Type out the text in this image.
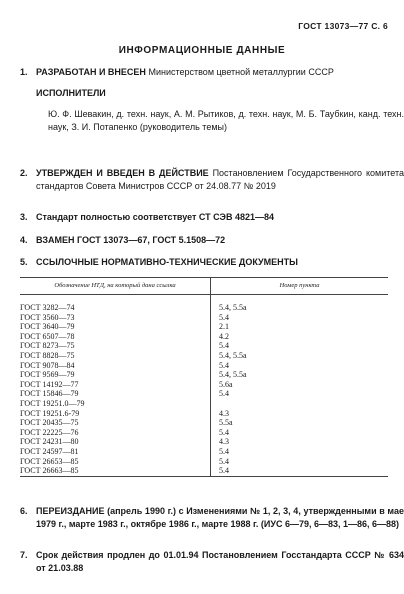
ГОСТ 13073—77 С. 6
ИНФОРМАЦИОННЫЕ ДАННЫЕ
1. РАЗРАБОТАН И ВНЕСЕН Министерством цветной металлургии СССР
ИСПОЛНИТЕЛИ
Ю. Ф. Шевакин, д. техн. наук, А. М. Рытиков, д. техн. наук, М. Б. Таубкин, канд. техн. наук, З. И. Потапенко (руководитель темы)
2. УТВЕРЖДЕН И ВВЕДЕН В ДЕЙСТВИЕ Постановлением Государственного комитета стандартов Совета Министров СССР от 24.08.77 № 2019
3. Стандарт полностью соответствует СТ СЭВ 4821—84
4. ВЗАМЕН ГОСТ 13073—67, ГОСТ 5.1508—72
5. ССЫЛОЧНЫЕ НОРМАТИВНО-ТЕХНИЧЕСКИЕ ДОКУМЕНТЫ
Обозначение НТД, на который дана ссылка	Номер пункта

ГОСТ 3282—74	5.4, 5.5а
ГОСТ 3560—73	5.4
ГОСТ 3640—79	2.1
ГОСТ 6507—78	4.2
ГОСТ 8273—75	5.4
ГОСТ 8828—75	5.4, 5.5а
ГОСТ 9078—84	5.4
ГОСТ 9569—79	5.4, 5.5а
ГОСТ 14192—77	5.6а
ГОСТ 15846—79	5.4
ГОСТ 19251.0—79	
ГОСТ 19251.6-79	4.3
ГОСТ 20435—75	5.5а
ГОСТ 22225—76	5.4
ГОСТ 24231—80	4.3
ГОСТ 24597—81	5.4
ГОСТ 26653—85	5.4
ГОСТ 26663—85	5.4
6. ПЕРЕИЗДАНИЕ (апрель 1990 г.) с Изменениями № 1, 2, 3, 4, утвержденными в мае 1979 г., марте 1983 г., октябре 1986 г., марте 1988 г. (ИУС 6—79, 6—83, 1—86, 6—88)
7. Срок действия продлен до 01.01.94 Постановлением Госстандарта СССР № 634 от 21.03.88
